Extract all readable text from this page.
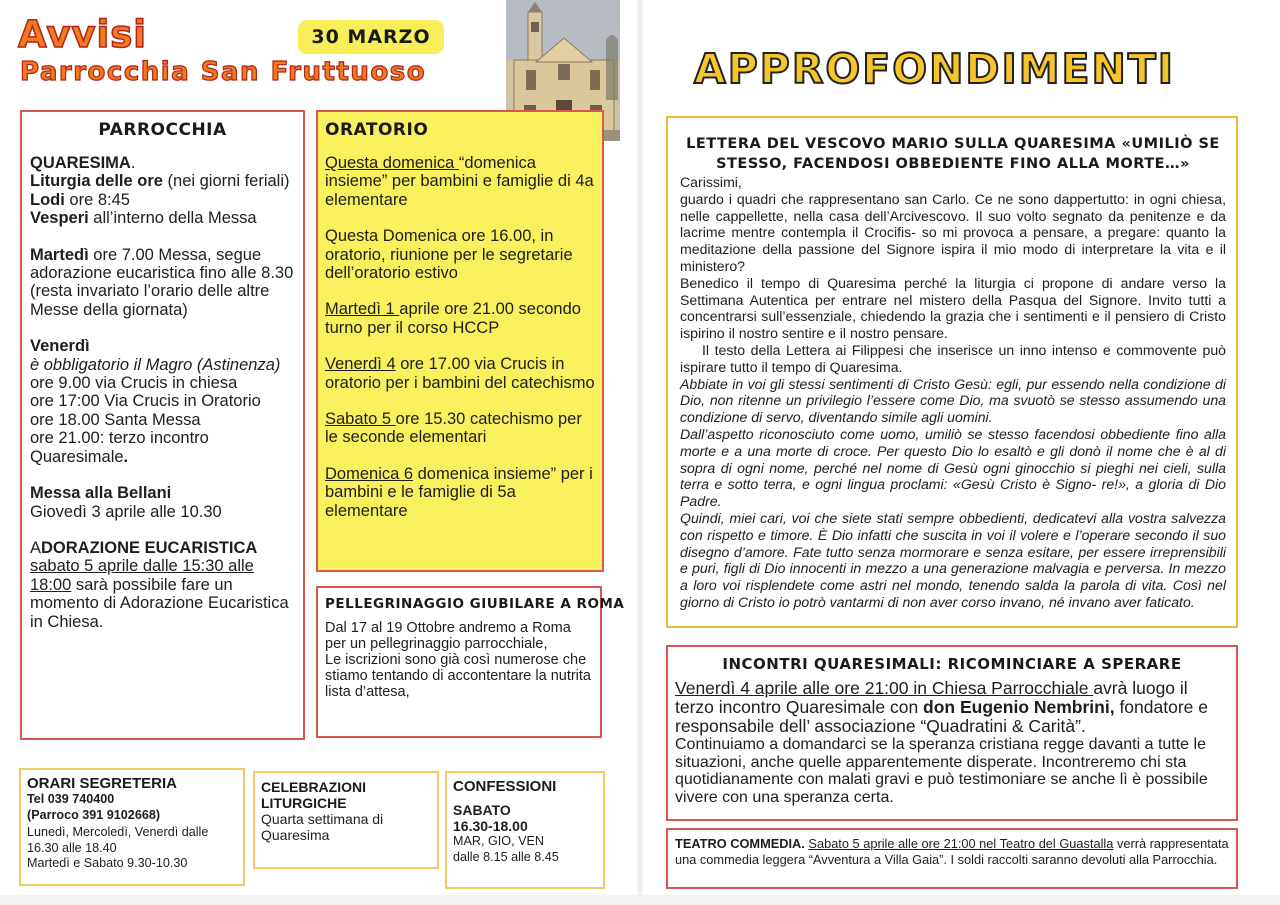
Avvisi
Parrocchia San Fruttuoso
30 MARZO
PARROCCHIA
QUARESIMA.
Liturgia delle ore (nei giorni feriali)
Lodi ore 8:45
Vesperi all’interno della Messa
Martedì ore 7.00 Messa, segue adorazione eucaristica fino alle 8.30
(resta invariato l’orario delle altre Messe della giornata)
Venerdì
è obbligatorio il Magro (Astinenza)
ore 9.00 via Crucis in chiesa
ore 17:00 Via Crucis in Oratorio
ore 18.00 Santa Messa
ore 21.00: terzo incontro Quaresimale.
Messa alla Bellani
Giovedì 3 aprile alle 10.30
ADORAZIONE EUCARISTICA
sabato 5 aprile dalle 15:30 alle 18:00 sarà possibile fare un momento di Adorazione Eucaristica in Chiesa.
ORATORIO
Questa domenica “domenica insieme” per bambini e famiglie di 4a elementare
Questa Domenica ore 16.00, in oratorio, riunione per le segretarie dell’oratorio estivo
Martedì 1 aprile ore 21.00 secondo turno per il corso HCCP
Venerdì 4 ore 17.00 via Crucis in oratorio per i bambini del catechismo
Sabato 5 ore 15.30 catechismo per le seconde elementari
Domenica 6 domenica insieme” per i bambini e le famiglie di 5a elementare
PELLEGRINAGGIO GIUBILARE A ROMA
Dal 17 al 19 Ottobre andremo a Roma per un pellegrinaggio parrocchiale,
Le iscrizioni sono già così numerose che stiamo tentando di accontentare la nutrita lista d’attesa,
ORARI SEGRETERIA
Tel 039 740400
(Parroco 391 9102668)
Lunedì, Mercoledì, Venerdì dalle 16.30 alle 18.40
Martedì e Sabato 9.30-10.30
CELEBRAZIONI LITURGICHE
Quarta settimana di Quaresima
CONFESSIONI
SABATO
16.30-18.00
MAR, GIO, VEN
dalle 8.15 alle 8.45
APPROFONDIMENTI
LETTERA DEL VESCOVO MARIO SULLA QUARESIMA «UMILIÒ SE STESSO, FACENDOSI OBBEDIENTE FINO ALLA MORTE…»

Carissimi,

guardo i quadri che rappresentano san Carlo. Ce ne sono dappertutto: in ogni chiesa, nelle cappellette, nella casa dell’Arcivescovo. Il suo volto segnato da penitenze e da lacrime mentre contempla il Crocifis- so mi provoca a pensare, a pregare: quanto la meditazione della passione del Signore ispira il mio modo di interpretare la vita e il ministero?

Benedico il tempo di Quaresima perché la liturgia ci propone di andare verso la Settimana Autentica per entrare nel mistero della Pasqua del Signore. Invito tutti a concentrarsi sull’essenziale, chiedendo la grazia che i sentimenti e il pensiero di Cristo ispirino il nostro sentire e il nostro pensare.

Il testo della Lettera ai Filippesi che inserisce un inno intenso e commovente può ispirare tutto il tempo di Quaresima.

Abbiate in voi gli stessi sentimenti di Cristo Gesù: egli, pur essendo nella condizione di Dio, non ritenne un privilegio l’essere come Dio, ma svuotò se stesso assumendo una condizione di servo, diventando simile agli uomini.

Dall’aspetto riconosciuto come uomo, umiliò se stesso facendosi obbediente fino alla morte e a una morte di croce. Per questo Dio lo esaltò e gli donò il nome che è al di sopra di ogni nome, perché nel nome di Gesù ogni ginocchio si pieghi nei cieli, sulla terra e sotto terra, e ogni lingua proclami: «Gesù Cristo è Signo- re!», a gloria di Dio Padre.

Quindi, miei cari, voi che siete stati sempre obbedienti, dedicatevi alla vostra salvezza con rispetto e timore. È Dio infatti che suscita in voi il volere e l’operare secondo il suo disegno d’amore. Fate tutto senza mormorare e senza esitare, per essere irreprensibili e puri, figli di Dio innocenti in mezzo a una generazione malvagia e perversa. In mezzo a loro voi risplendete come astri nel mondo, tenendo salda la parola di vita. Così nel giorno di Cristo io potrò vantarmi di non aver corso invano, né invano aver faticato.

INCONTRI QUARESIMALI: RICOMINCIARE A SPERARE
Venerdì 4 aprile alle ore 21:00 in Chiesa Parrocchiale avrà luogo il terzo incontro Quaresimale con don Eugenio Nembrini, fondatore e responsabile dell’ associazione “Quadratini & Carità”.
Continuiamo a domandarci se la speranza cristiana regge davanti a tutte le situazioni, anche quelle apparentemente disperate. Incontreremo chi sta quotidianamente con malati gravi e può testimoniare se anche lì è possibile vivere con una speranza certa.
TEATRO COMMEDIA. Sabato 5 aprile alle ore 21:00 nel Teatro del Guastalla verrà rappresentata una commedia leggera “Avventura a Villa Gaia”. I soldi raccolti saranno devoluti alla Parrocchia.
